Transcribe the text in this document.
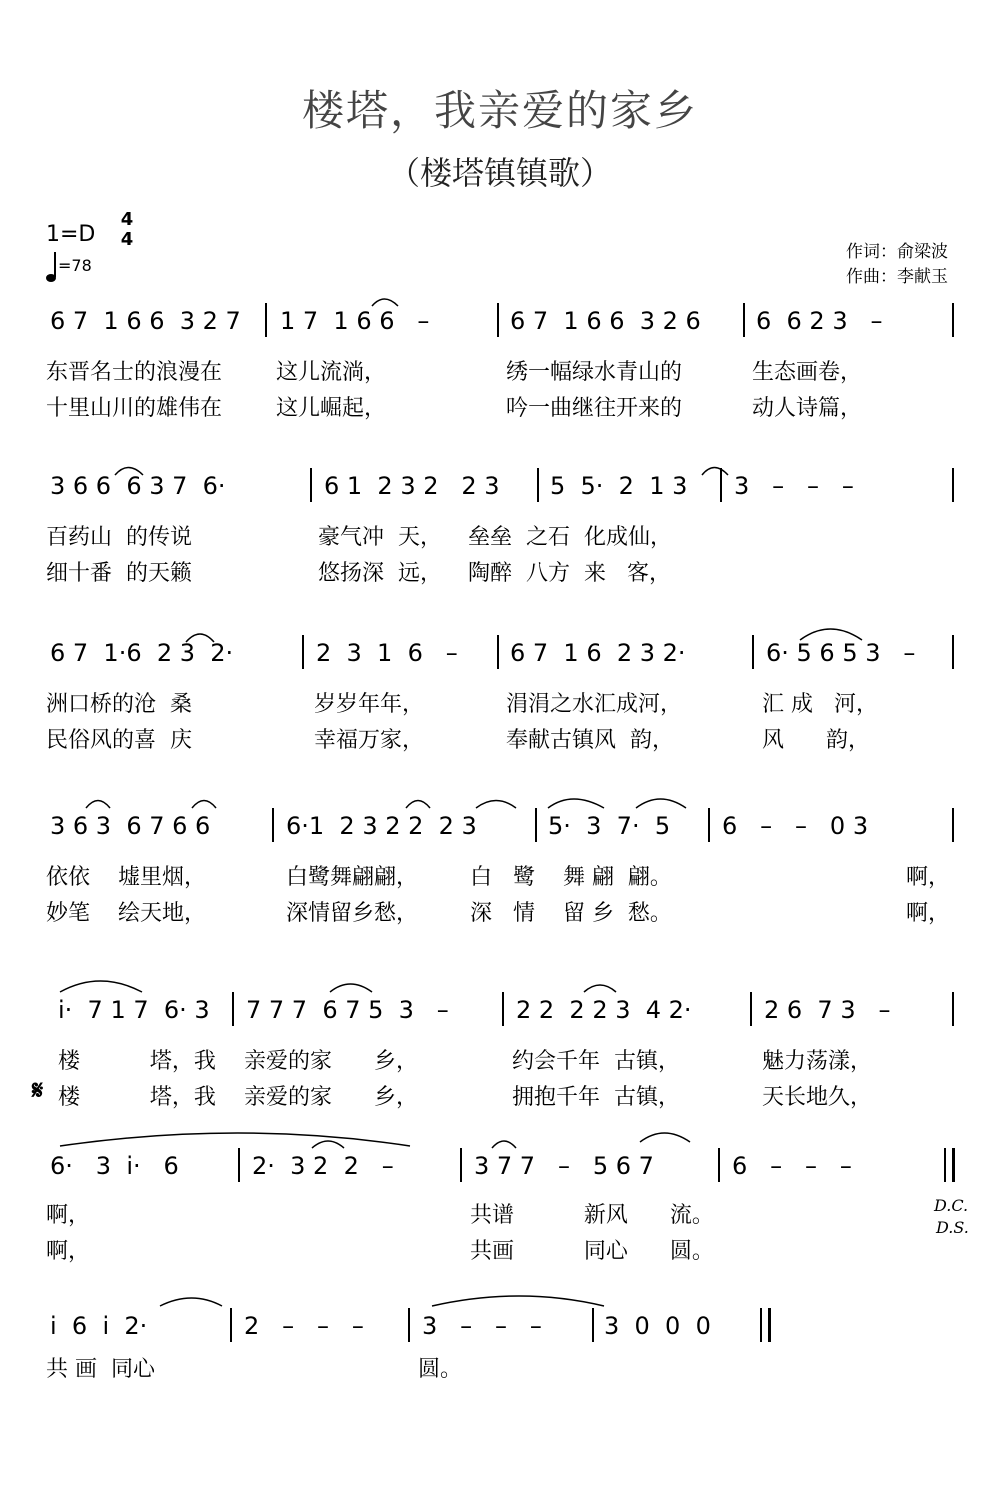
楼塔，我亲爱的家乡
（楼塔镇镇歌）
1=D
4
4
=78
作词：俞梁波
作曲：李献玉
6 7  1 6 6  3 2 7 1 7  1 6 6   –	6 7  1 6 6  3 2 6 6  6 2 3   –

东晋名士的浪漫在

这儿流淌，

	绣一幅绿水青山的

	生态画卷，

十里山川的雄伟在

这儿崛起，

	吟一曲继往开来的

	动人诗篇，

3 6 6  6 3 7  6·	6 1  2 3 2   2 3 5  5·  2  1 3 3   –   –   –

百药山  的传说

	豪气冲  天，

垒垒  之石  化成仙，

细十番  的天籁

	悠扬深  远，

陶醉  八方  来   客，

6 7  1·6  2 3  2·	2  3  1  6   – 6 7  1 6  2 3 2·	6· 5 6 5 3   –

洲口桥的沧  桑

	岁岁年年，

	涓涓之水汇成河，

	汇 成   河，

民俗风的喜  庆

	幸福万家，

	奉献古镇风  韵，

	风      韵，

3 6 3  6 7 6 6	6·1  2 3 2 2  2 3	5·  3  7·  5 6   –   –   0 3

依依    墟里烟，

	白鹭舞翩翩，

白   鹭    舞 翩  翩。

	啊，

妙笔    绘天地，

	深情留乡愁，

深   情    留 乡  愁。

	啊，

i·  7 1 7  6· 3 7 7 7  6 7 5  3   –	2 2  2 2 3  4 2·	2 6  7 3   –

楼          塔，我

亲爱的家      乡，

	约会千年  古镇，

	魅力荡漾，

𝄋

楼          塔，我

亲爱的家      乡，

	拥抱千年  古镇，

	天长地久，

6·   3  i·   6	2·  3 2  2   –	3 7 7   –   5 6 7	6   –   –   –

啊，

	共谱          新风      流。

啊，

	共画          同心      圆。

D.C.
D.S.
i  6  i  2·	2   –   –   – 3   –   –   –	3  0  0  0

共 画  同心

	圆。
